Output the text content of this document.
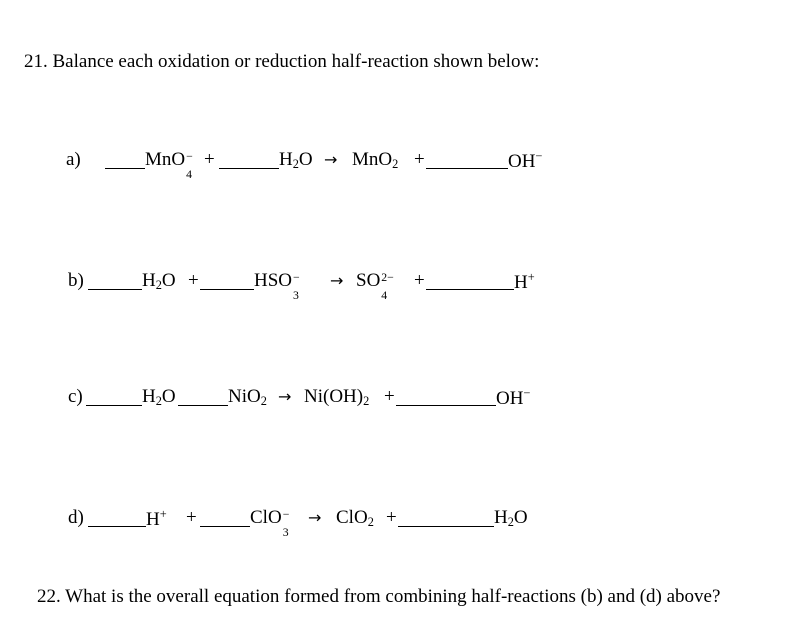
21. Balance each oxidation or reduction half-reaction shown below:
a)	MnO −
4
+	$H_2O \to MnO_2$ +	OH−
b)	$H_2O$ +	HSO −
3
→ SO 2−
4
+	H+
c)	$H_2O$	$NiO_2 \to Ni(OH)_2$ +	OH−
d)	H+ +	ClO −
3
→ ClO$_2$ +	$H_2O$
22. What is the overall equation formed from combining half-reactions (b) and (d) above?
